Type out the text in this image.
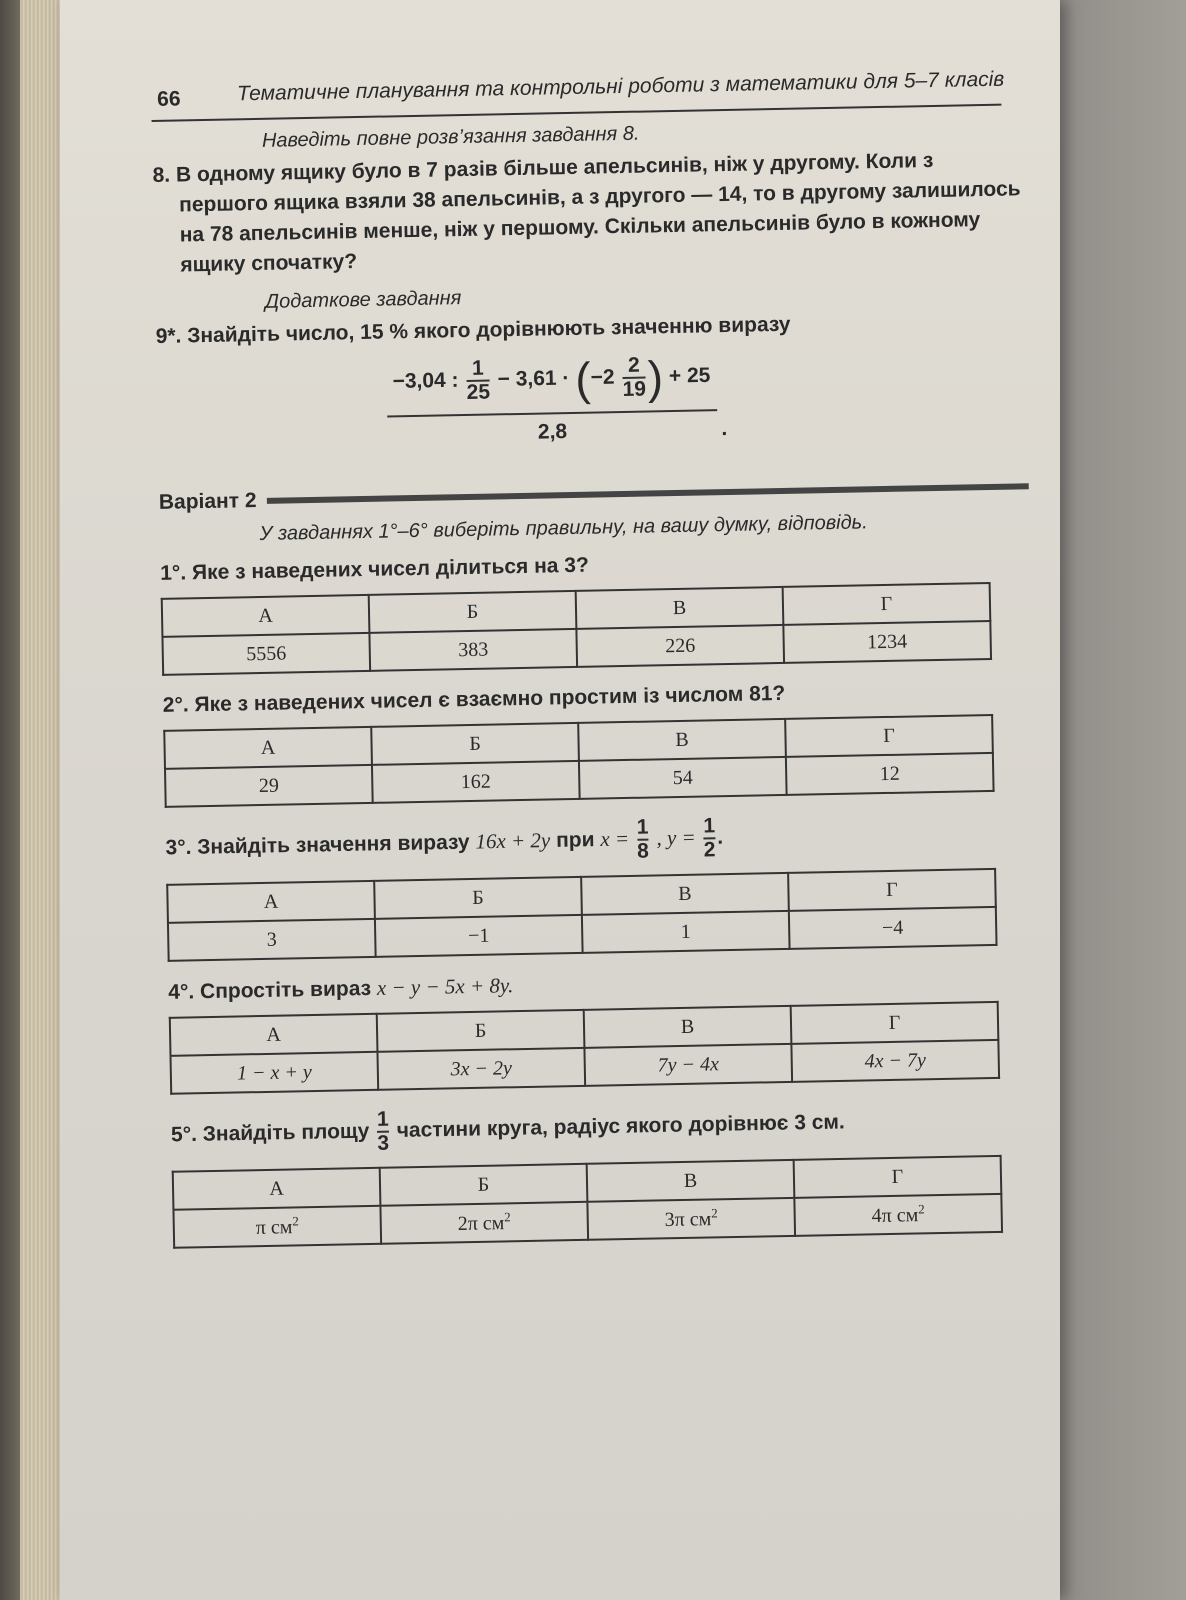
66	Тематичне планування та контрольні роботи з математики для 5–7 класів
Наведіть повне розв’язання завдання 8.
8. В одному ящику було в 7 разів більше апельсинів, ніж у другому. Коли з першого ящика взяли 38 апельсинів, а з другого — 14, то в другому залишилось на 78 апельсинів менше, ніж у першому. Скільки апельсинів було в кожному ящику спочатку?
Додаткове завдання
9*. Знайдіть число, 15 % якого дорівнюють значенню виразу
−3,04 : $\frac{1}{25} - 3,61 \cdot (-2 \frac{2}{19}$ ) + 25
2,8	.
Варіант 2
У завданнях 1°–6° виберіть правильну, на вашу думку, відповідь.
1°. Яке з наведених чисел ділиться на 3?
А	Б	В	Г
5556	383	226	1234
2°. Яке з наведених чисел є взаємно простим із числом 81?
А	Б	В	Г
29	162	54	12
3°. Знайдіть значення виразу 16x + 2y при $x = \frac{1}{8}$ , $y = \frac{1}{2}$ .
А	Б	В	Г
3	−1	1	−4
4°. Спростіть вираз x − y − 5x + 8y.
А	Б	В	Г
1 − x + y	3x − 2y	7y − 4x	4x − 7y
5°. Знайдіть площу $\frac{1}{3}$ частини круга, радіус якого дорівнює 3 см.
А	Б	В	Г
π $см^2$	2π $см^2$	3π $см^2$	4π $см^2$
